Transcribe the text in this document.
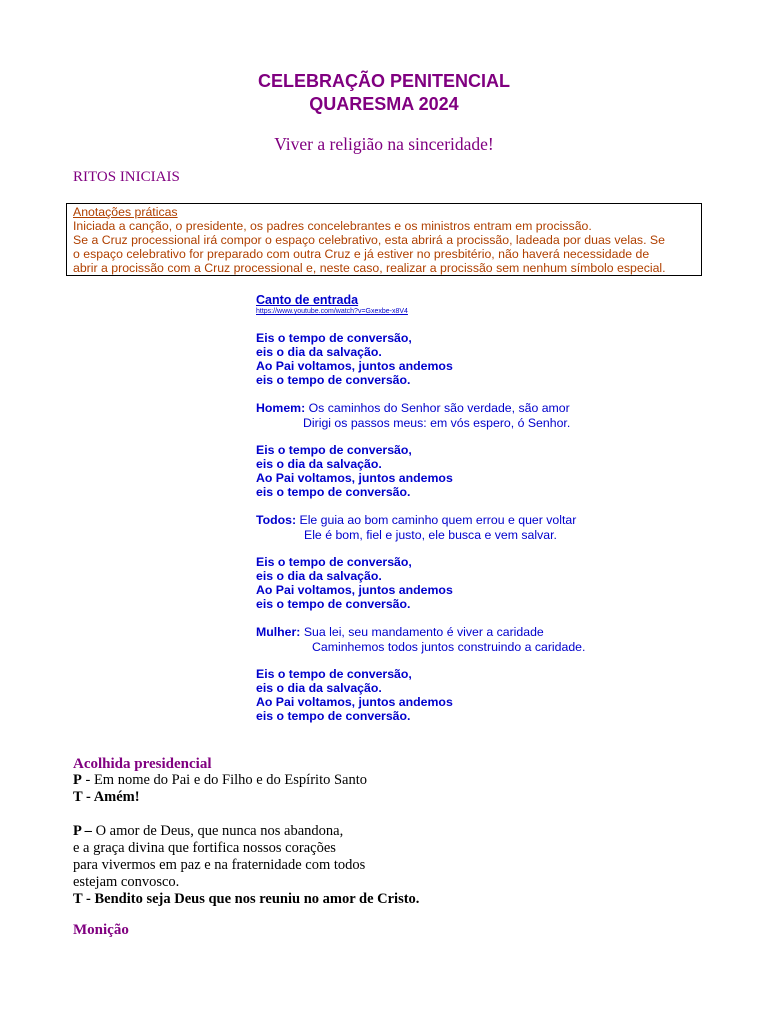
CELEBRAÇÃO PENITENCIAL
QUARESMA 2024
Viver a religião na sinceridade!
RITOS INICIAIS
Anotações práticas
Iniciada a canção, o presidente, os padres concelebrantes e os ministros entram em procissão.
Se a Cruz processional irá compor o espaço celebrativo, esta abrirá a procissão, ladeada por duas velas. Se
o espaço celebrativo for preparado com outra Cruz e já estiver no presbitério, não haverá necessidade de
abrir a procissão com a Cruz processional e, neste caso, realizar a procissão sem nenhum símbolo especial.
Canto de entrada
https://www.youtube.com/watch?v=Gxexbe-x8V4
Eis o tempo de conversão,
eis o dia da salvação.
Ao Pai voltamos, juntos andemos
eis o tempo de conversão.
Homem: Os caminhos do Senhor são verdade, são amor
Dirigi os passos meus: em vós espero, ó Senhor.
Eis o tempo de conversão,
eis o dia da salvação.
Ao Pai voltamos, juntos andemos
eis o tempo de conversão.
Todos: Ele guia ao bom caminho quem errou e quer voltar
Ele é bom, fiel e justo, ele busca e vem salvar.
Eis o tempo de conversão,
eis o dia da salvação.
Ao Pai voltamos, juntos andemos
eis o tempo de conversão.
Mulher: Sua lei, seu mandamento é viver a caridade
Caminhemos todos juntos construindo a caridade.
Eis o tempo de conversão,
eis o dia da salvação.
Ao Pai voltamos, juntos andemos
eis o tempo de conversão.
Acolhida presidencial
P - Em nome do Pai e do Filho e do Espírito Santo
T - Amém!
P – O amor de Deus, que nunca nos abandona,
e a graça divina que fortifica nossos corações
para vivermos em paz e na fraternidade com todos
estejam convosco.
T - Bendito seja Deus que nos reuniu no amor de Cristo.
Monição
